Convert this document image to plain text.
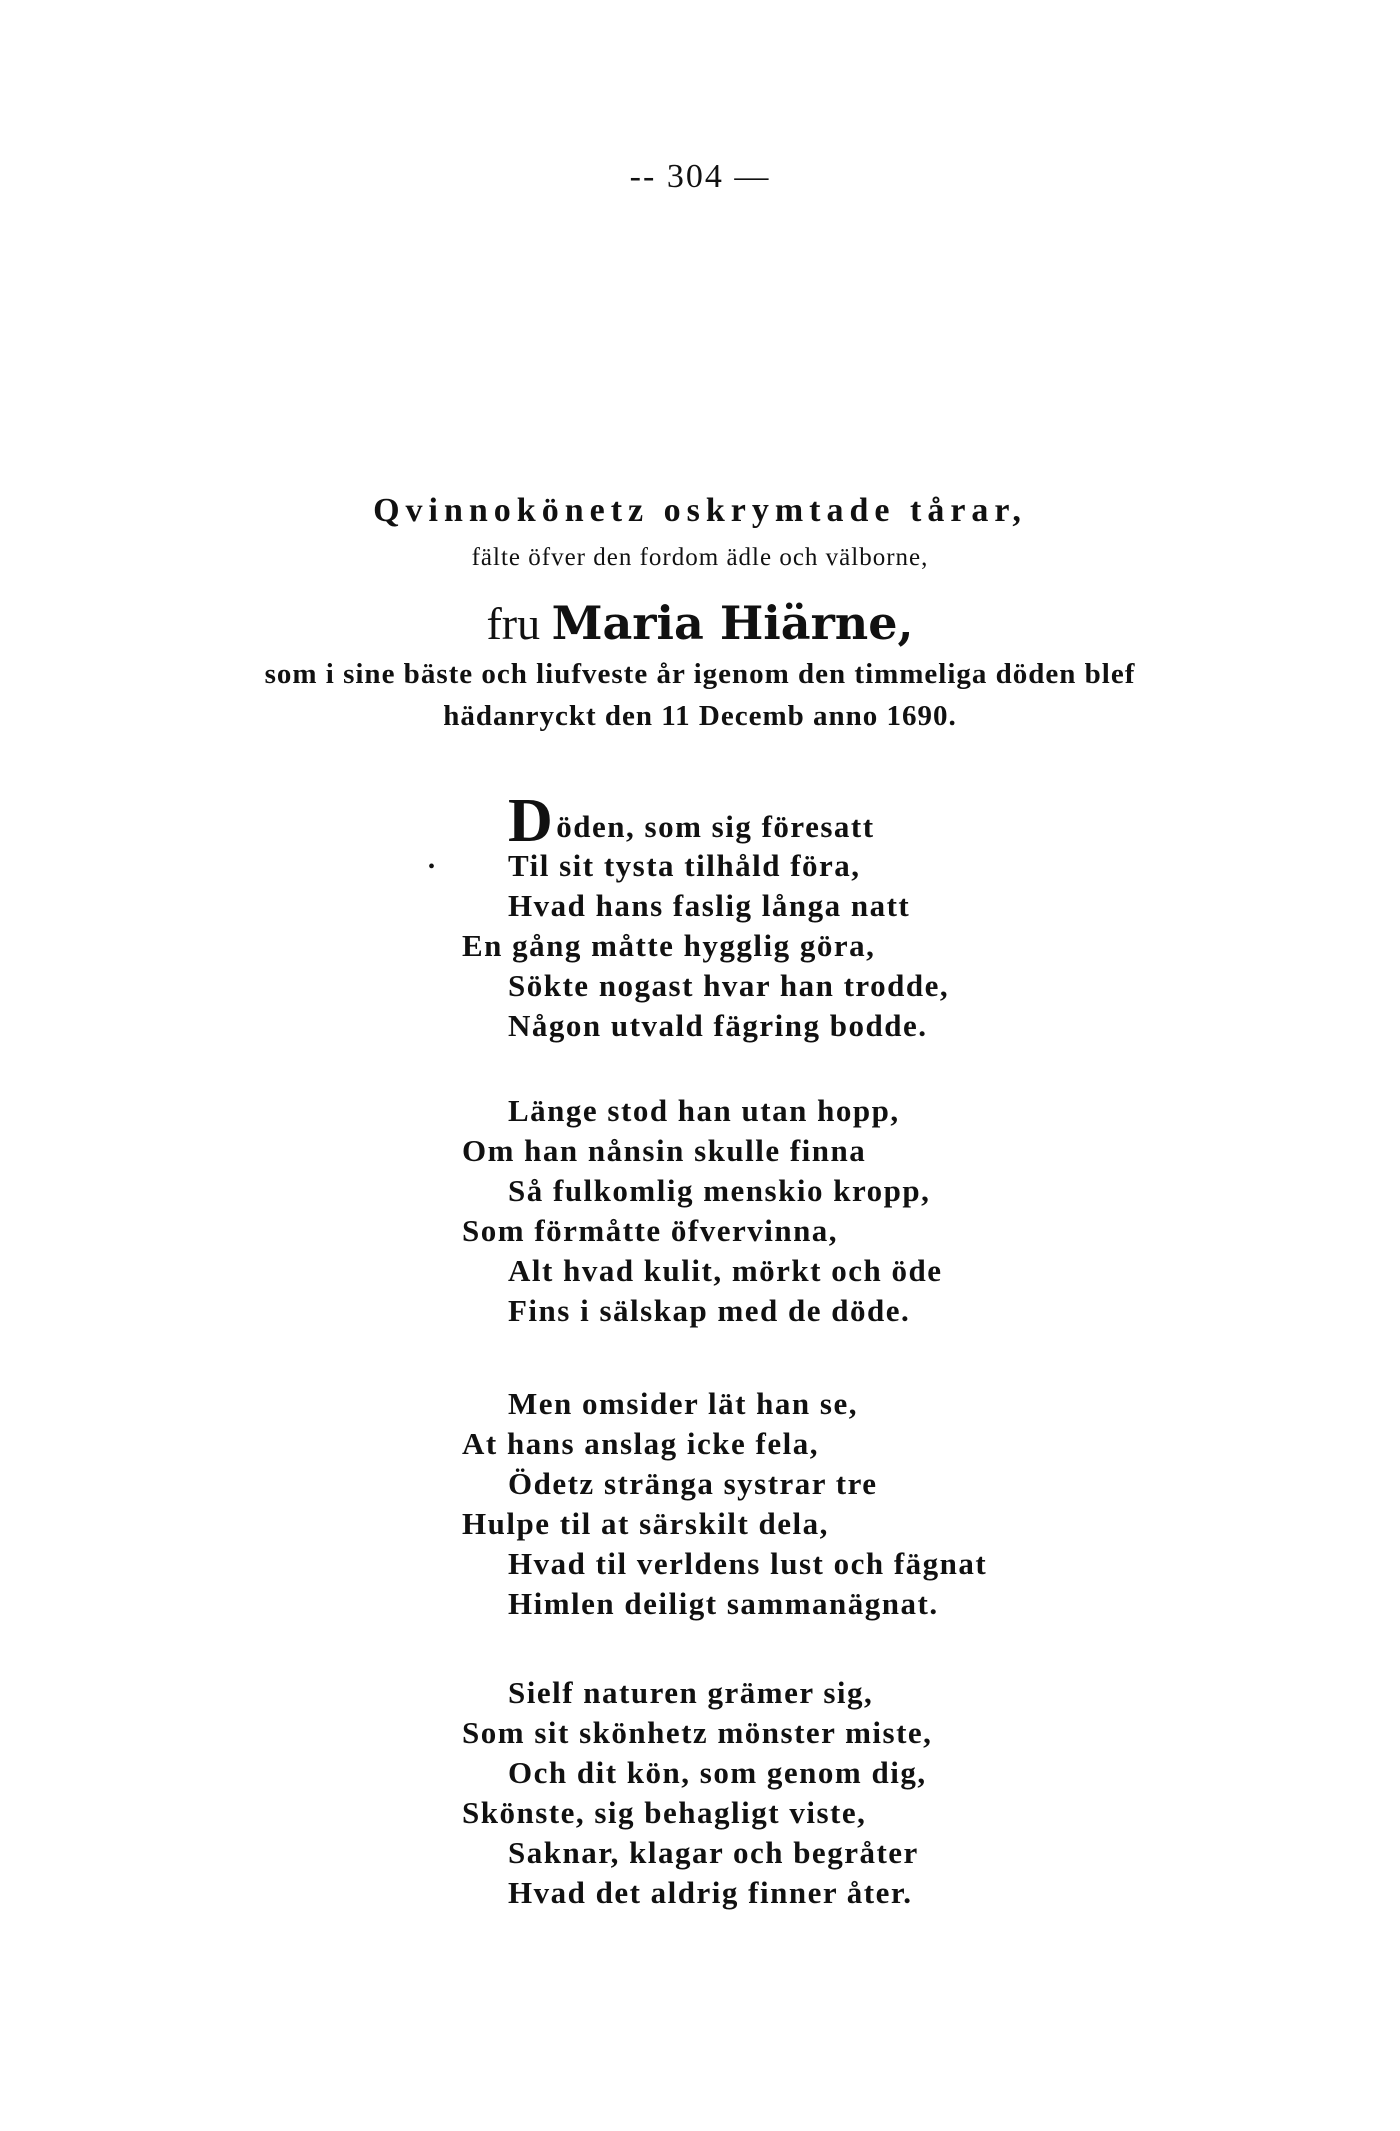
-- 304 —
Qvinnokönetz oskrymtade tårar,
fälte öfver den fordom ädle och välborne,
fru Maria Hiärne,
som i sine bäste och liufveste år igenom den timmeliga döden blef
hädanryckt den 11 Decemb anno 1690.
•
Döden, som sig föresatt
Til sit tysta tilhåld föra,
Hvad hans faslig långa natt
En gång måtte hygglig göra,
Sökte nogast hvar han trodde,
Någon utvald fägring bodde.
Länge stod han utan hopp,
Om han nånsin skulle finna
Så fulkomlig menskio kropp,
Som förmåtte öfvervinna,
Alt hvad kulit, mörkt och öde
Fins i sälskap med de döde.
Men omsider lät han se,
At hans anslag icke fela,
Ödetz stränga systrar tre
Hulpe til at särskilt dela,
Hvad til verldens lust och fägnat
Himlen deiligt sammanägnat.
Sielf naturen grämer sig,
Som sit skönhetz mönster miste,
Och dit kön, som genom dig,
Skönste, sig behagligt viste,
Saknar, klagar och begråter
Hvad det aldrig finner åter.
